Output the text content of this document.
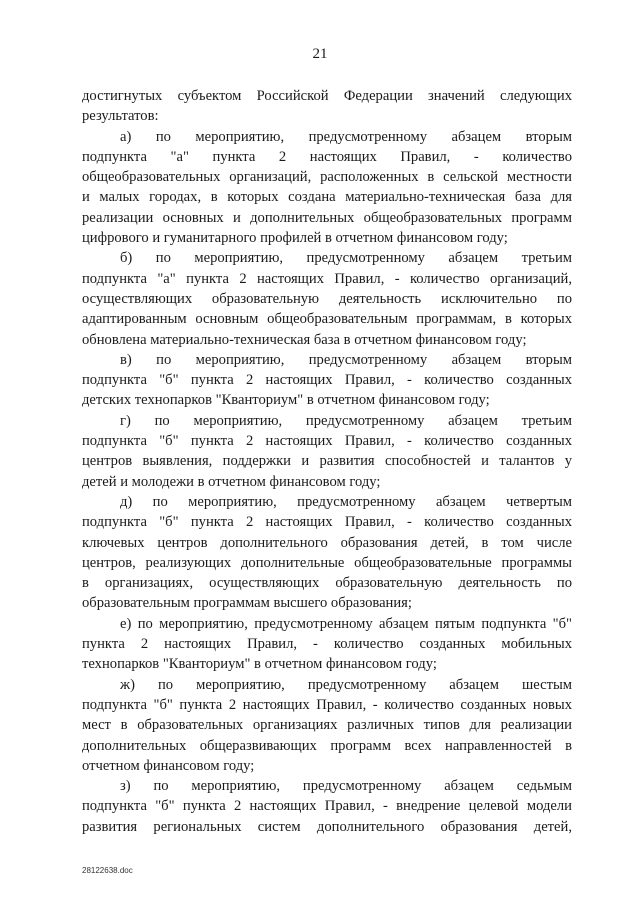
21
достигнутых субъектом Российской Федерации значений следующих
результатов:
а) по мероприятию, предусмотренному абзацем вторым
подпункта "а" пункта 2 настоящих Правил, - количество
общеобразовательных организаций, расположенных в сельской местности
и малых городах, в которых создана материально-техническая база для
реализации основных и дополнительных общеобразовательных программ
цифрового и гуманитарного профилей в отчетном финансовом году;
б) по мероприятию, предусмотренному абзацем третьим
подпункта "а" пункта 2 настоящих Правил, - количество организаций,
осуществляющих образовательную деятельность исключительно по
адаптированным основным общеобразовательным программам, в которых
обновлена материально-техническая база в отчетном финансовом году;
в) по мероприятию, предусмотренному абзацем вторым
подпункта "б" пункта 2 настоящих Правил, - количество созданных
детских технопарков "Кванториум" в отчетном финансовом году;
г) по мероприятию, предусмотренному абзацем третьим
подпункта "б" пункта 2 настоящих Правил, - количество созданных
центров выявления, поддержки и развития способностей и талантов у
детей и молодежи в отчетном финансовом году;
д) по мероприятию, предусмотренному абзацем четвертым
подпункта "б" пункта 2 настоящих Правил, - количество созданных
ключевых центров дополнительного образования детей, в том числе
центров, реализующих дополнительные общеобразовательные программы
в организациях, осуществляющих образовательную деятельность по
образовательным программам высшего образования;
е) по мероприятию, предусмотренному абзацем пятым подпункта "б"
пункта 2 настоящих Правил, - количество созданных мобильных
технопарков "Кванториум" в отчетном финансовом году;
ж) по мероприятию, предусмотренному абзацем шестым
подпункта "б" пункта 2 настоящих Правил, - количество созданных новых
мест в образовательных организациях различных типов для реализации
дополнительных общеразвивающих программ всех направленностей в
отчетном финансовом году;
з) по мероприятию, предусмотренному абзацем седьмым
подпункта "б" пункта 2 настоящих Правил, - внедрение целевой модели
развития региональных систем дополнительного образования детей,
28122638.doc
